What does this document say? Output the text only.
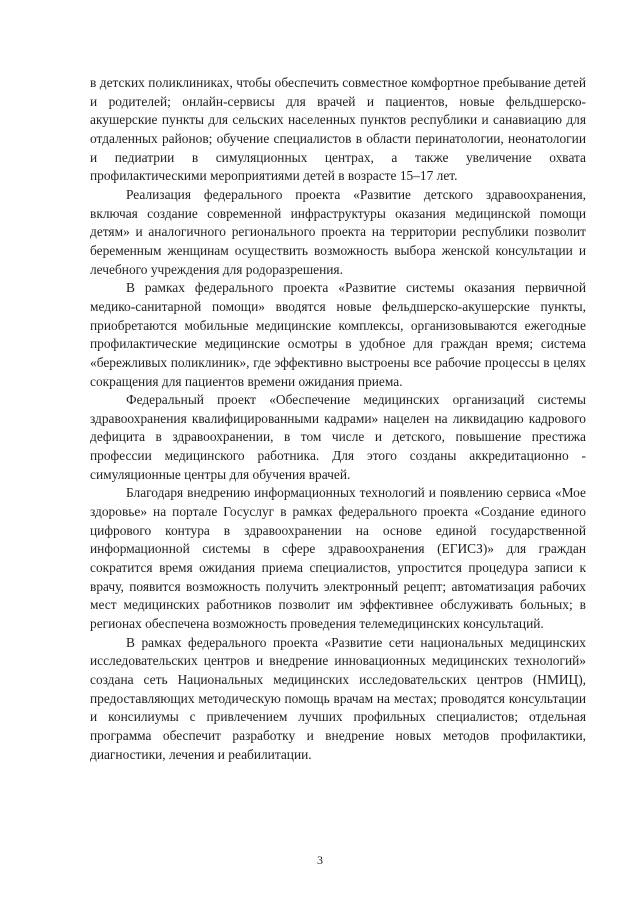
в детских поликлиниках, чтобы обеспечить совместное комфортное пребывание детей и родителей; онлайн-сервисы для врачей и пациентов, новые фельдшерско-акушерские пункты для сельских населенных пунктов республики и санавиацию для отдаленных районов; обучение специалистов в области перинатологии, неонатологии и педиатрии в симуляционных центрах, а также увеличение охвата профилактическими мероприятиями детей в возрасте 15–17 лет.

Реализация федерального проекта «Развитие детского здравоохранения, включая создание современной инфраструктуры оказания медицинской помощи детям» и аналогичного регионального проекта на территории республики позволит беременным женщинам осуществить возможность выбора женской консультации и лечебного учреждения для родоразрешения.

В рамках федерального проекта «Развитие системы оказания первичной медико-санитарной помощи» вводятся новые фельдшерско-акушерские пункты, приобретаются мобильные медицинские комплексы, организовываются ежегодные профилактические медицинские осмотры в удобное для граждан время; система «бережливых поликлиник», где эффективно выстроены все рабочие процессы в целях сокращения для пациентов времени ожидания приема.

Федеральный проект «Обеспечение медицинских организаций системы здравоохранения квалифицированными кадрами» нацелен на ликвидацию кадрового дефицита в здравоохранении, в том числе и детского, повышение престижа профессии медицинского работника. Для этого созданы аккредитационно - симуляционные центры для обучения врачей.

Благодаря внедрению информационных технологий и появлению сервиса «Мое здоровье» на портале Госуслуг в рамках федерального проекта «Создание единого цифрового контура в здравоохранении на основе единой государственной информационной системы в сфере здравоохранения (ЕГИСЗ)» для граждан сократится время ожидания приема специалистов, упростится процедура записи к врачу, появится возможность получить электронный рецепт; автоматизация рабочих мест медицинских работников позволит им эффективнее обслуживать больных; в регионах обеспечена возможность проведения телемедицинских консультаций.

В рамках федерального проекта «Развитие сети национальных медицинских исследовательских центров и внедрение инновационных медицинских технологий» создана сеть Национальных медицинских исследовательских центров (НМИЦ), предоставляющих методическую помощь врачам на местах; проводятся консультации и консилиумы с привлечением лучших профильных специалистов; отдельная программа обеспечит разработку и внедрение новых методов профилактики, диагностики, лечения и реабилитации.

3
